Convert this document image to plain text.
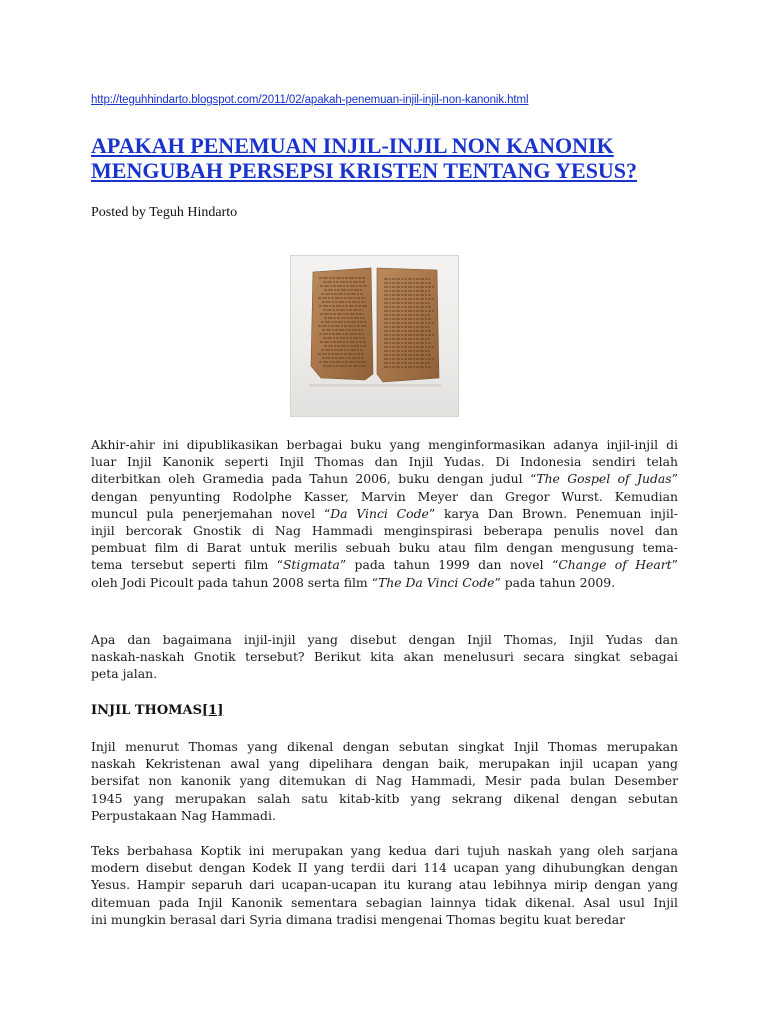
http://teguhhindarto.blogspot.com/2011/02/apakah-penemuan-injil-injil-non-kanonik.html
APAKAH PENEMUAN INJIL-INJIL NON KANONIK
MENGUBAH PERSEPSI KRISTEN TENTANG YESUS?
Posted by Teguh Hindarto

Akhir-ahir ini dipublikasikan berbagai buku yang menginformasikan adanya injil-injil di
luar Injil Kanonik seperti Injil Thomas dan Injil Yudas. Di Indonesia sendiri telah
diterbitkan oleh Gramedia pada Tahun 2006, buku dengan judul “The Gospel of Judas”
dengan penyunting Rodolphe Kasser, Marvin Meyer dan Gregor Wurst. Kemudian
muncul pula penerjemahan novel “Da Vinci Code” karya Dan Brown. Penemuan injil-
injil bercorak Gnostik di Nag Hammadi menginspirasi beberapa penulis novel dan
pembuat film di Barat untuk merilis sebuah buku atau film dengan mengusung tema-
tema tersebut seperti film “Stigmata” pada tahun 1999 dan novel “Change of Heart”
oleh Jodi Picoult pada tahun 2008 serta film “The Da Vinci Code” pada tahun 2009.

Apa dan bagaimana injil-injil yang disebut dengan Injil Thomas, Injil Yudas dan
naskah-naskah Gnotik tersebut? Berikut kita akan menelusuri secara singkat sebagai
peta jalan.

INJIL THOMAS[1]

Injil menurut Thomas yang dikenal dengan sebutan singkat Injil Thomas merupakan
naskah Kekristenan awal yang dipelihara dengan baik, merupakan injil ucapan yang
bersifat non kanonik yang ditemukan di Nag Hammadi, Mesir pada bulan Desember
1945 yang merupakan salah satu kitab-kitb yang sekrang dikenal dengan sebutan
Perpustakaan Nag Hammadi.

Teks berbahasa Koptik ini merupakan yang kedua dari tujuh naskah yang oleh sarjana
modern disebut dengan Kodek II yang terdii dari 114 ucapan yang dihubungkan dengan
Yesus. Hampir separuh dari ucapan-ucapan itu kurang atau lebihnya mirip dengan yang
ditemuan pada Injil Kanonik sementara sebagian lainnya tidak dikenal. Asal usul Injil
ini mungkin berasal dari Syria dimana tradisi mengenai Thomas begitu kuat beredar
